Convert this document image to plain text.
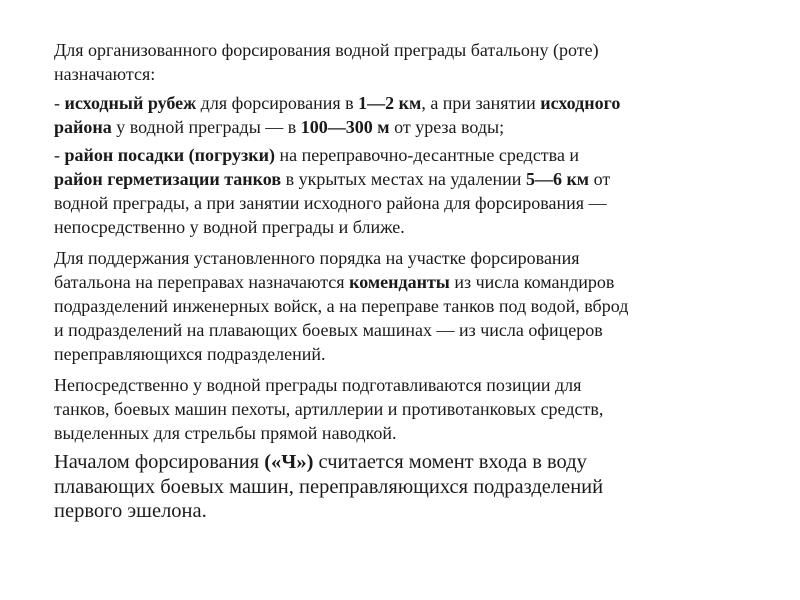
Для организованного форсирования водной преграды батальону (роте)
назначаются:

- исходный рубеж для форсирования в 1—2 км, а при занятии исходного
района у водной преграды — в 100—300 м от уреза воды;

- район посадки (погрузки) на переправочно-десантные средства и
район герметизации танков в укрытых местах на удалении 5—6 км от
водной преграды, а при занятии исходного района для форсирования —
непосредственно у водной преграды и ближе.

Для поддержания установленного порядка на участке форсирования
батальона на переправах назначаются коменданты из числа командиров
подразделений инженерных войск, а на переправе танков под водой, вброд
и подразделений на плавающих боевых машинах — из числа офицеров
переправляющихся подразделений.

Непосредственно у водной преграды подготавливаются позиции для
танков, боевых машин пехоты, артиллерии и противотанковых средств,
выделенных для стрельбы прямой наводкой.

Началом форсирования («Ч») считается момент входа в воду
плавающих боевых машин, переправляющихся подразделений
первого эшелона.
